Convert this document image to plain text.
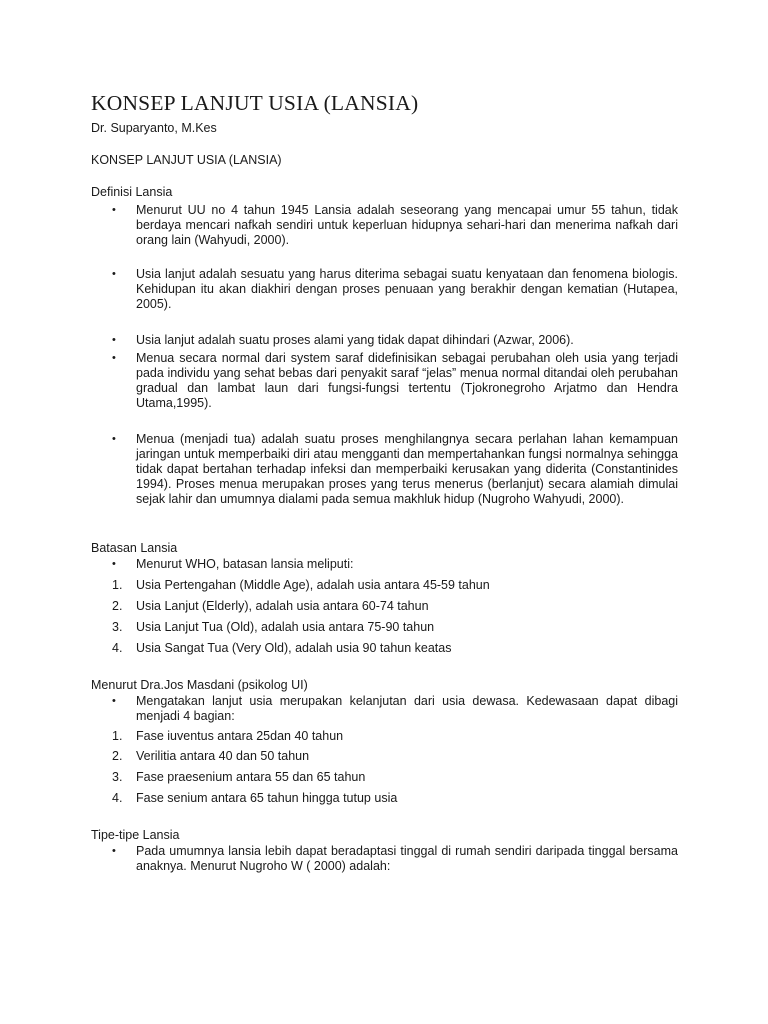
KONSEP LANJUT USIA (LANSIA)
Dr. Suparyanto, M.Kes
KONSEP LANJUT USIA (LANSIA)
Definisi Lansia
•	Menurut UU no 4 tahun 1945 Lansia adalah seseorang yang mencapai umur 55 tahun, tidak berdaya mencari nafkah sendiri untuk keperluan hidupnya sehari-hari dan menerima nafkah dari orang lain (Wahyudi, 2000).
•	Usia lanjut adalah sesuatu yang harus diterima sebagai suatu kenyataan dan fenomena biologis. Kehidupan itu akan diakhiri dengan proses penuaan yang berakhir dengan kematian (Hutapea, 2005).
•	Usia lanjut adalah suatu proses alami yang tidak dapat dihindari (Azwar, 2006).
•	Menua secara normal dari system saraf didefinisikan sebagai perubahan oleh usia yang terjadi pada individu yang sehat bebas dari penyakit saraf “jelas” menua normal ditandai oleh perubahan gradual dan lambat laun dari fungsi-fungsi tertentu (Tjokronegroho Arjatmo dan Hendra Utama,1995).
•	Menua (menjadi tua) adalah suatu proses menghilangnya secara perlahan lahan kemampuan jaringan untuk memperbaiki diri atau mengganti dan mempertahankan fungsi normalnya sehingga tidak dapat bertahan terhadap infeksi dan memperbaiki kerusakan yang diderita (Constantinides 1994). Proses menua merupakan proses yang terus menerus (berlanjut) secara alamiah dimulai sejak lahir dan umumnya dialami pada semua makhluk hidup (Nugroho Wahyudi, 2000).
Batasan Lansia
•	Menurut WHO, batasan lansia meliputi:
1.	Usia Pertengahan (Middle Age), adalah usia antara 45-59 tahun
2.	Usia Lanjut (Elderly), adalah usia antara 60-74 tahun
3.	Usia Lanjut Tua (Old), adalah usia antara 75-90 tahun
4.	Usia Sangat Tua (Very Old), adalah usia 90 tahun keatas
Menurut Dra.Jos Masdani (psikolog UI)
•	Mengatakan lanjut usia merupakan kelanjutan dari usia dewasa. Kedewasaan dapat dibagi menjadi 4 bagian:
1.	Fase iuventus antara 25dan 40 tahun
2.	Verilitia antara 40 dan 50 tahun
3.	Fase praesenium antara 55 dan 65 tahun
4.	Fase senium antara 65 tahun hingga tutup usia
Tipe-tipe Lansia
•	Pada umumnya lansia lebih dapat beradaptasi tinggal di rumah sendiri daripada tinggal bersama anaknya. Menurut Nugroho W ( 2000) adalah:
